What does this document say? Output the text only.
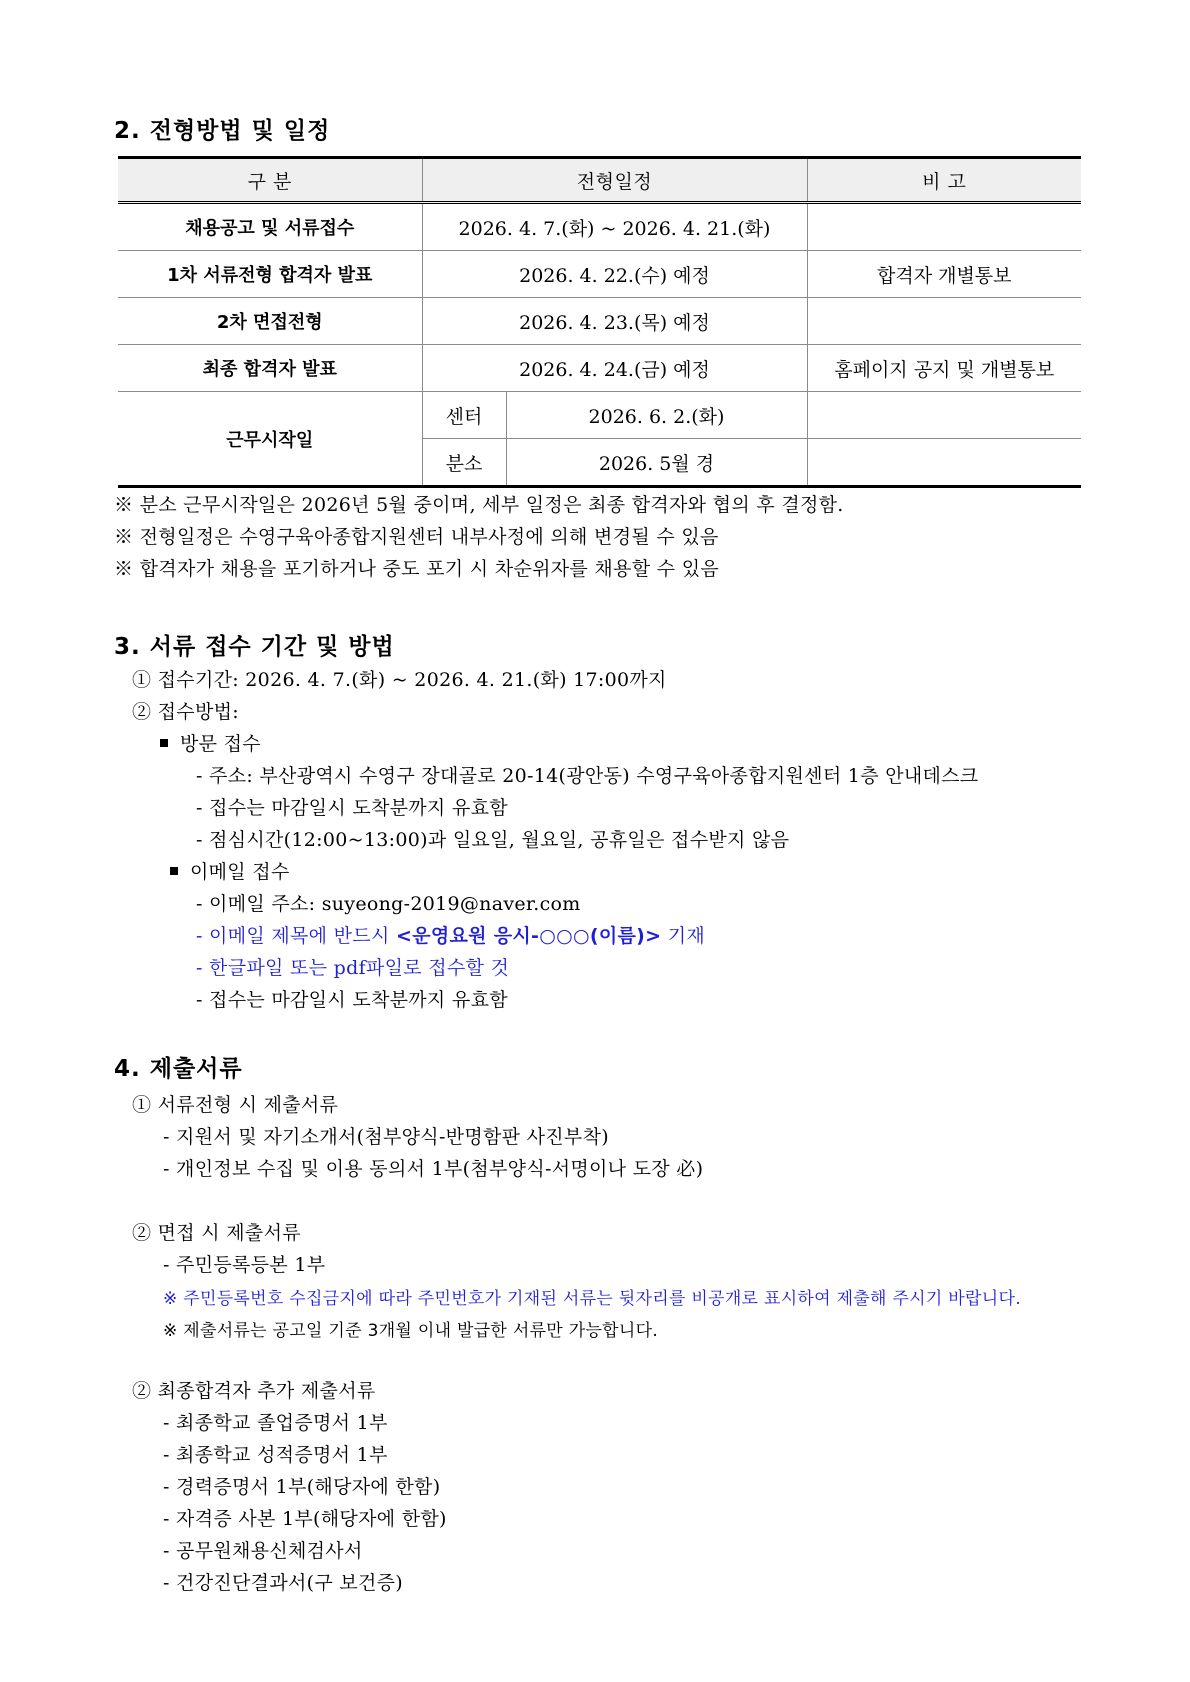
2. 전형방법 및 일정
구 분	전형일정		비 고
채용공고 및 서류접수	2026. 4. 7.(화) ~ 2026. 4. 21.(화)		
1차 서류전형 합격자 발표	2026. 4. 22.(수) 예정		합격자 개별통보
2차 면접전형	2026. 4. 23.(목) 예정		
최종 합격자 발표	2026. 4. 24.(금) 예정		홈페이지 공지 및 개별통보
근무시작일	센터	2026. 6. 2.(화)	
	분소	2026. 5월 경	
※ 분소 근무시작일은 2026년 5월 중이며, 세부 일정은 최종 합격자와 협의 후 결정함.
※ 전형일정은 수영구육아종합지원센터 내부사정에 의해 변경될 수 있음
※ 합격자가 채용을 포기하거나 중도 포기 시 차순위자를 채용할 수 있음
3. 서류 접수 기간 및 방법
① 접수기간: 2026. 4. 7.(화) ~ 2026. 4. 21.(화) 17:00까지
② 접수방법:
방문 접수
- 주소: 부산광역시 수영구 장대골로 20-14(광안동) 수영구육아종합지원센터 1층 안내데스크
- 접수는 마감일시 도착분까지 유효함
- 점심시간(12:00~13:00)과 일요일, 월요일, 공휴일은 접수받지 않음
이메일 접수
- 이메일 주소: suyeong-2019@naver.com
- 이메일 제목에 반드시 <운영요원 응시-○○○(이름)> 기재
- 한글파일 또는 pdf파일로 접수할 것
- 접수는 마감일시 도착분까지 유효함
4. 제출서류
① 서류전형 시 제출서류
- 지원서 및 자기소개서(첨부양식-반명함판 사진부착)
- 개인정보 수집 및 이용 동의서 1부(첨부양식-서명이나 도장 必)
② 면접 시 제출서류
- 주민등록등본 1부
※ 주민등록번호 수집금지에 따라 주민번호가 기재된 서류는 뒷자리를 비공개로 표시하여 제출해 주시기 바랍니다.
※ 제출서류는 공고일 기준 3개월 이내 발급한 서류만 가능합니다.
② 최종합격자 추가 제출서류
- 최종학교 졸업증명서 1부
- 최종학교 성적증명서 1부
- 경력증명서 1부(해당자에 한함)
- 자격증 사본 1부(해당자에 한함)
- 공무원채용신체검사서
- 건강진단결과서(구 보건증)
